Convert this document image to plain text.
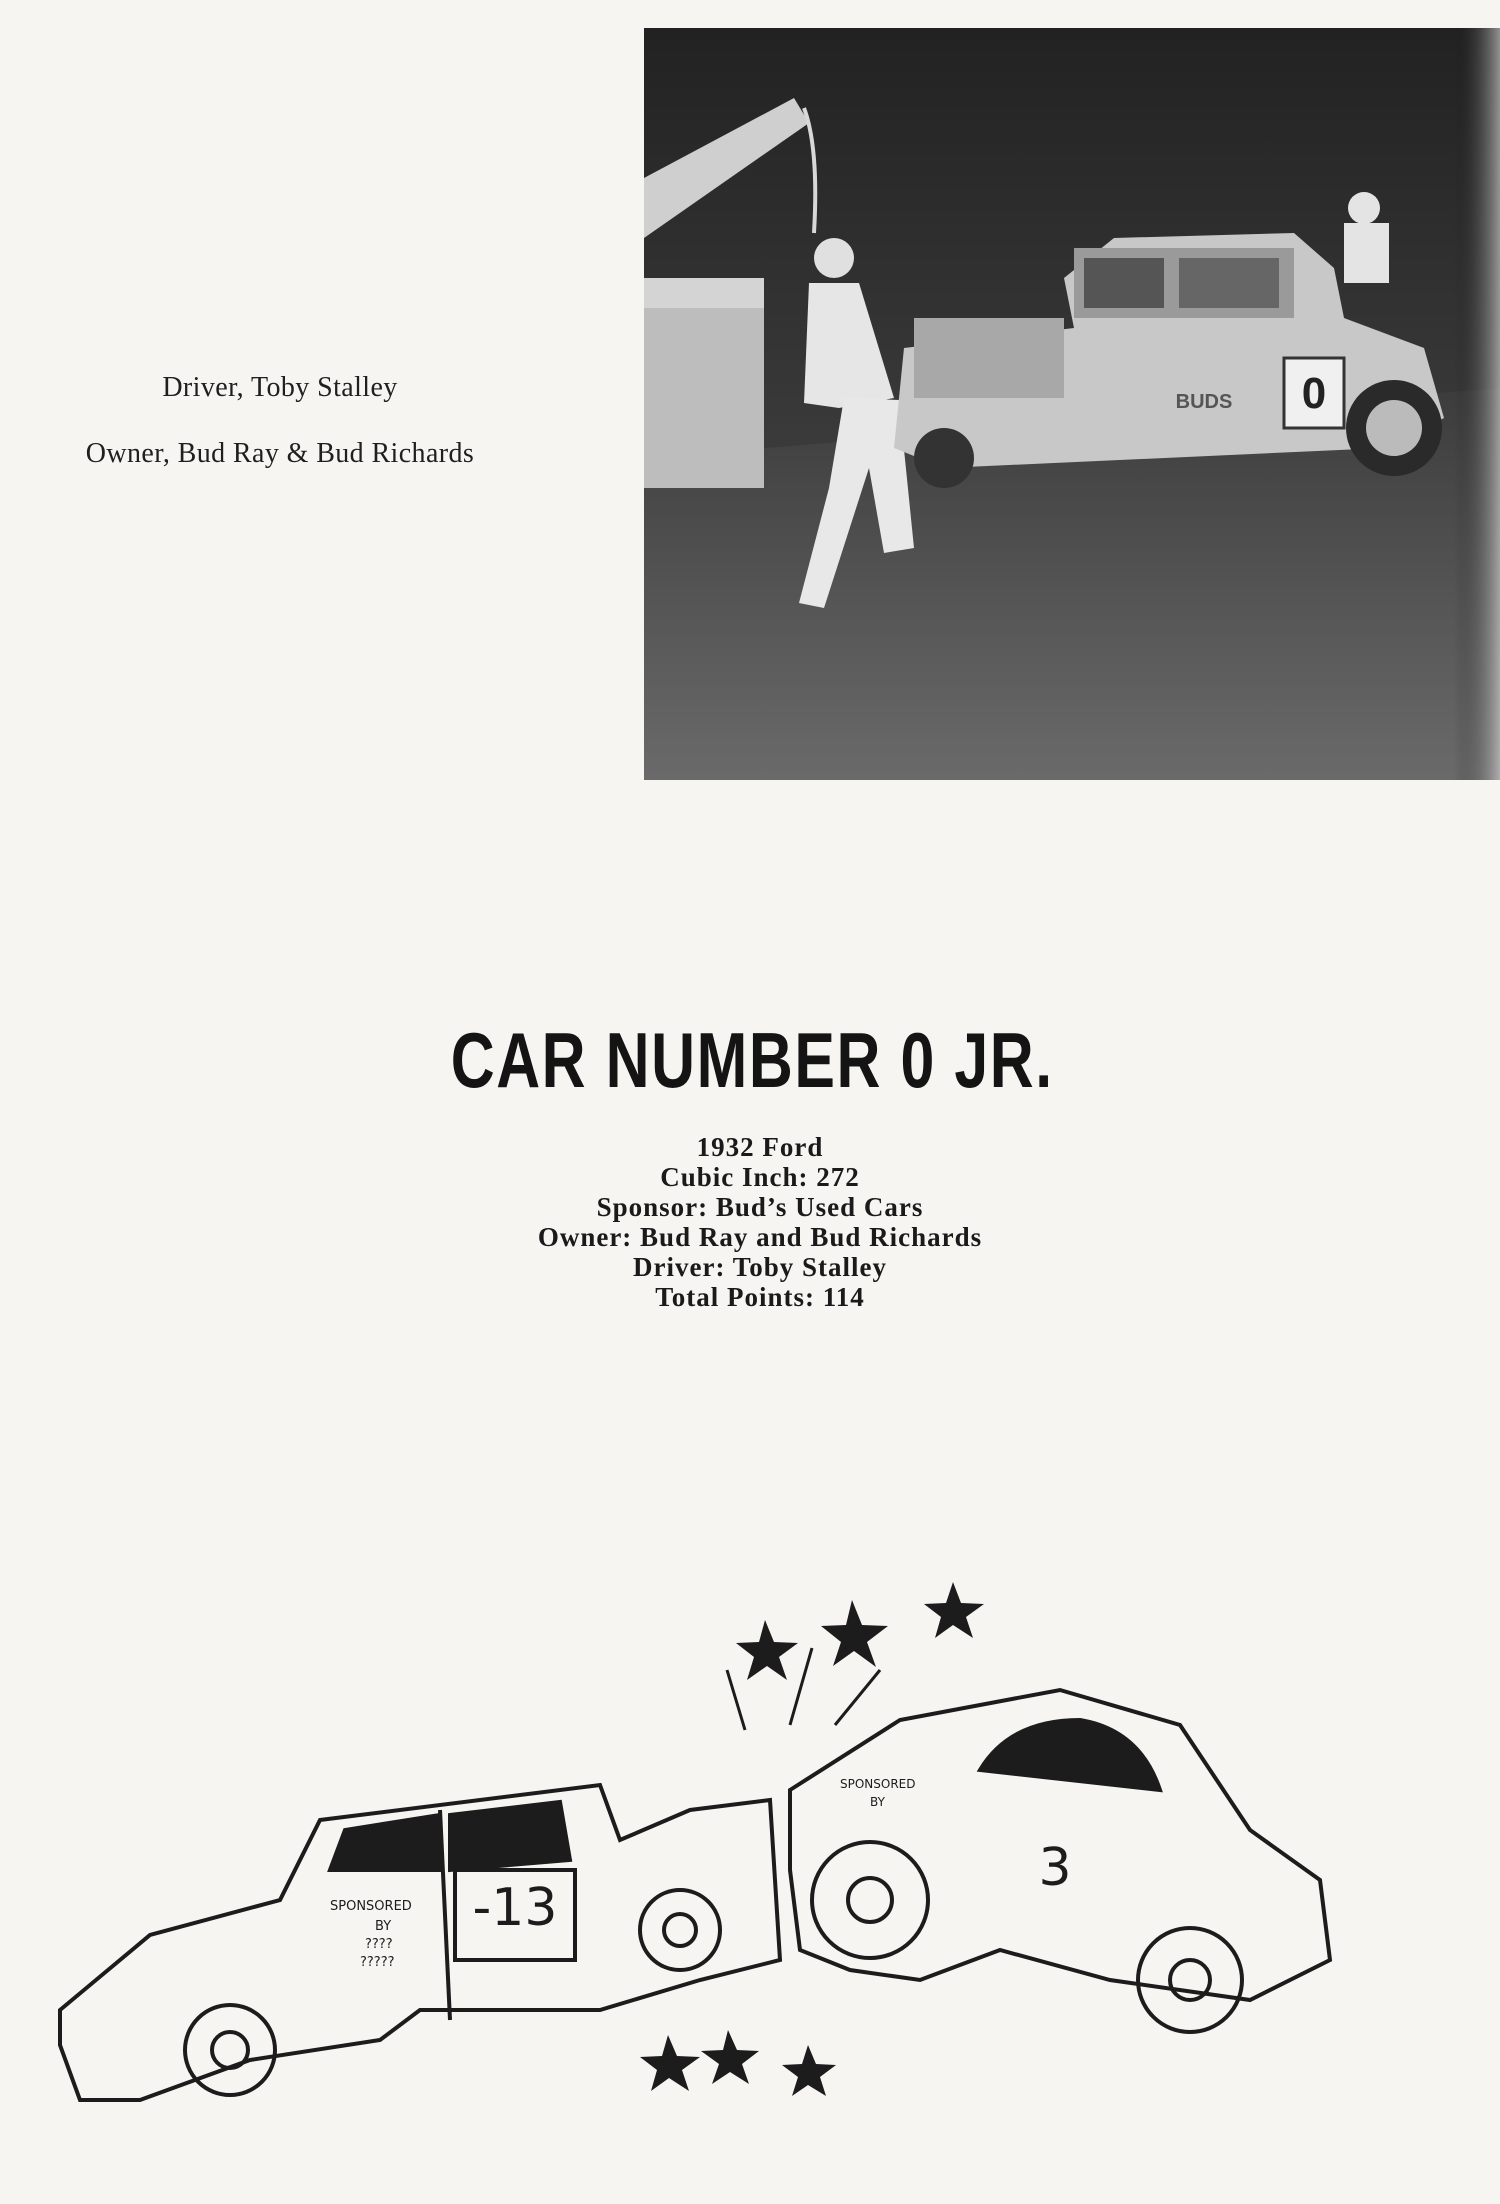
Driver, Toby Stalley
Owner, Bud Ray & Bud Richards
0
BUDS
CAR NUMBER 0 JR.
1932 Ford
Cubic Inch: 272
Sponsor: Bud’s Used Cars
Owner: Bud Ray and Bud Richards
Driver: Toby Stalley
Total Points: 114
-13
SPONSORED
BY
????
?????
3
SPONSORED
BY
